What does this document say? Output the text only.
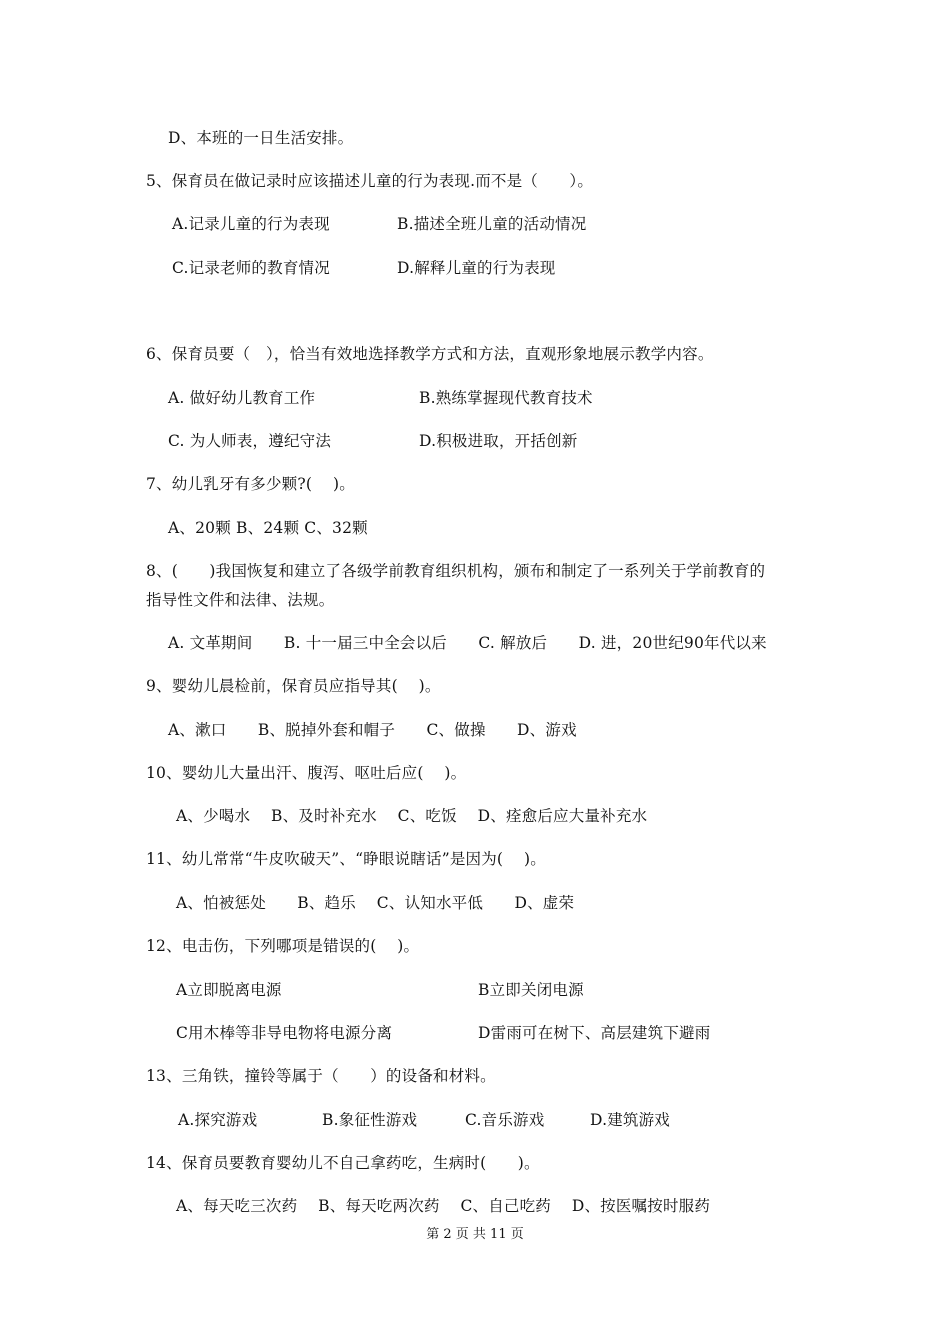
D、本班的一日生活安排。
5、保育员在做记录时应该描述儿童的行为表现.而不是（　　）。
A.记录儿童的行为表现	B.描述全班儿童的活动情况
C.记录老师的教育情况	D.解释儿童的行为表现
6、保育员要（　），恰当有效地选择教学方式和方法，直观形象地展示教学内容。
A. 做好幼儿教育工作	B.熟练掌握现代教育技术
C. 为人师表，遵纪守法	D.积极进取，开括创新
7、幼儿乳牙有多少颗?(　 )。
A、20颗 B、24颗 C、32颗
8、(　　)我国恢复和建立了各级学前教育组织机构，颁布和制定了一系列关于学前教育的
指导性文件和法律、法规。
A. 文革期间　　B. 十一届三中全会以后　　C. 解放后　　D. 进，20世纪90年代以来
9、婴幼儿晨检前，保育员应指导其(　 )。
A、漱口　　B、脱掉外套和帽子　　C、做操　　D、游戏
10、婴幼儿大量出汗、腹泻、呕吐后应(　 )。
A、少喝水　 B、及时补充水　 C、吃饭　 D、痊愈后应大量补充水
11、幼儿常常“牛皮吹破天”、“睁眼说瞎话”是因为(　 )。
A、怕被惩处　　B、趋乐　 C、认知水平低　　D、虚荣
12、电击伤，下列哪项是错误的(　 )。
A立即脱离电源	B立即关闭电源
C用木棒等非导电物将电源分离	D雷雨可在树下、高层建筑下避雨
13、三角铁，撞铃等属于（　　）的设备和材料。
A.探究游戏	B.象征性游戏	C.音乐游戏	D.建筑游戏
14、保育员要教育婴幼儿不自己拿药吃，生病时(　　)。
A、每天吃三次药　 B、每天吃两次药　 C、自己吃药　 D、按医嘱按时服药
第 2 页 共 11 页
